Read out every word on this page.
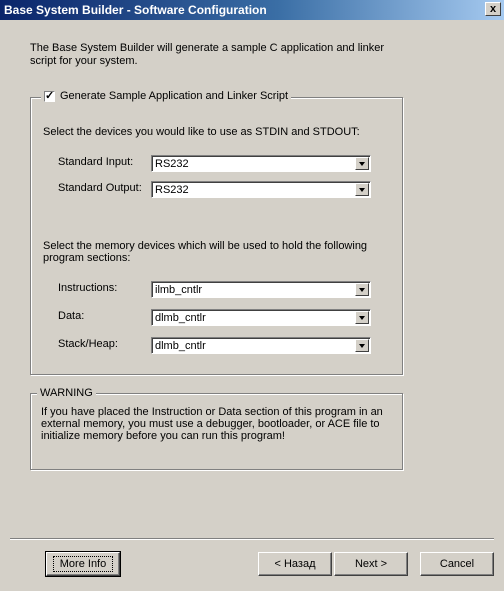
Base System Builder - Software Configuration	x
The Base System Builder will generate a sample C application and linker script for your system.
✓ Generate Sample Application and Linker Script
Select the devices you would like to use as STDIN and STDOUT:
Standard Input: RS232
Standard Output: RS232
Select the memory devices which will be used to hold the following program sections:
Instructions:	ilmb_cntlr
Data:	dlmb_cntlr
Stack/Heap:	dlmb_cntlr
WARNING
If you have placed the Instruction or Data section of this program in an external memory, you must use a debugger, bootloader, or ACE file to initialize memory before you can run this program!
More Info	< Назад	Next >	Cancel
